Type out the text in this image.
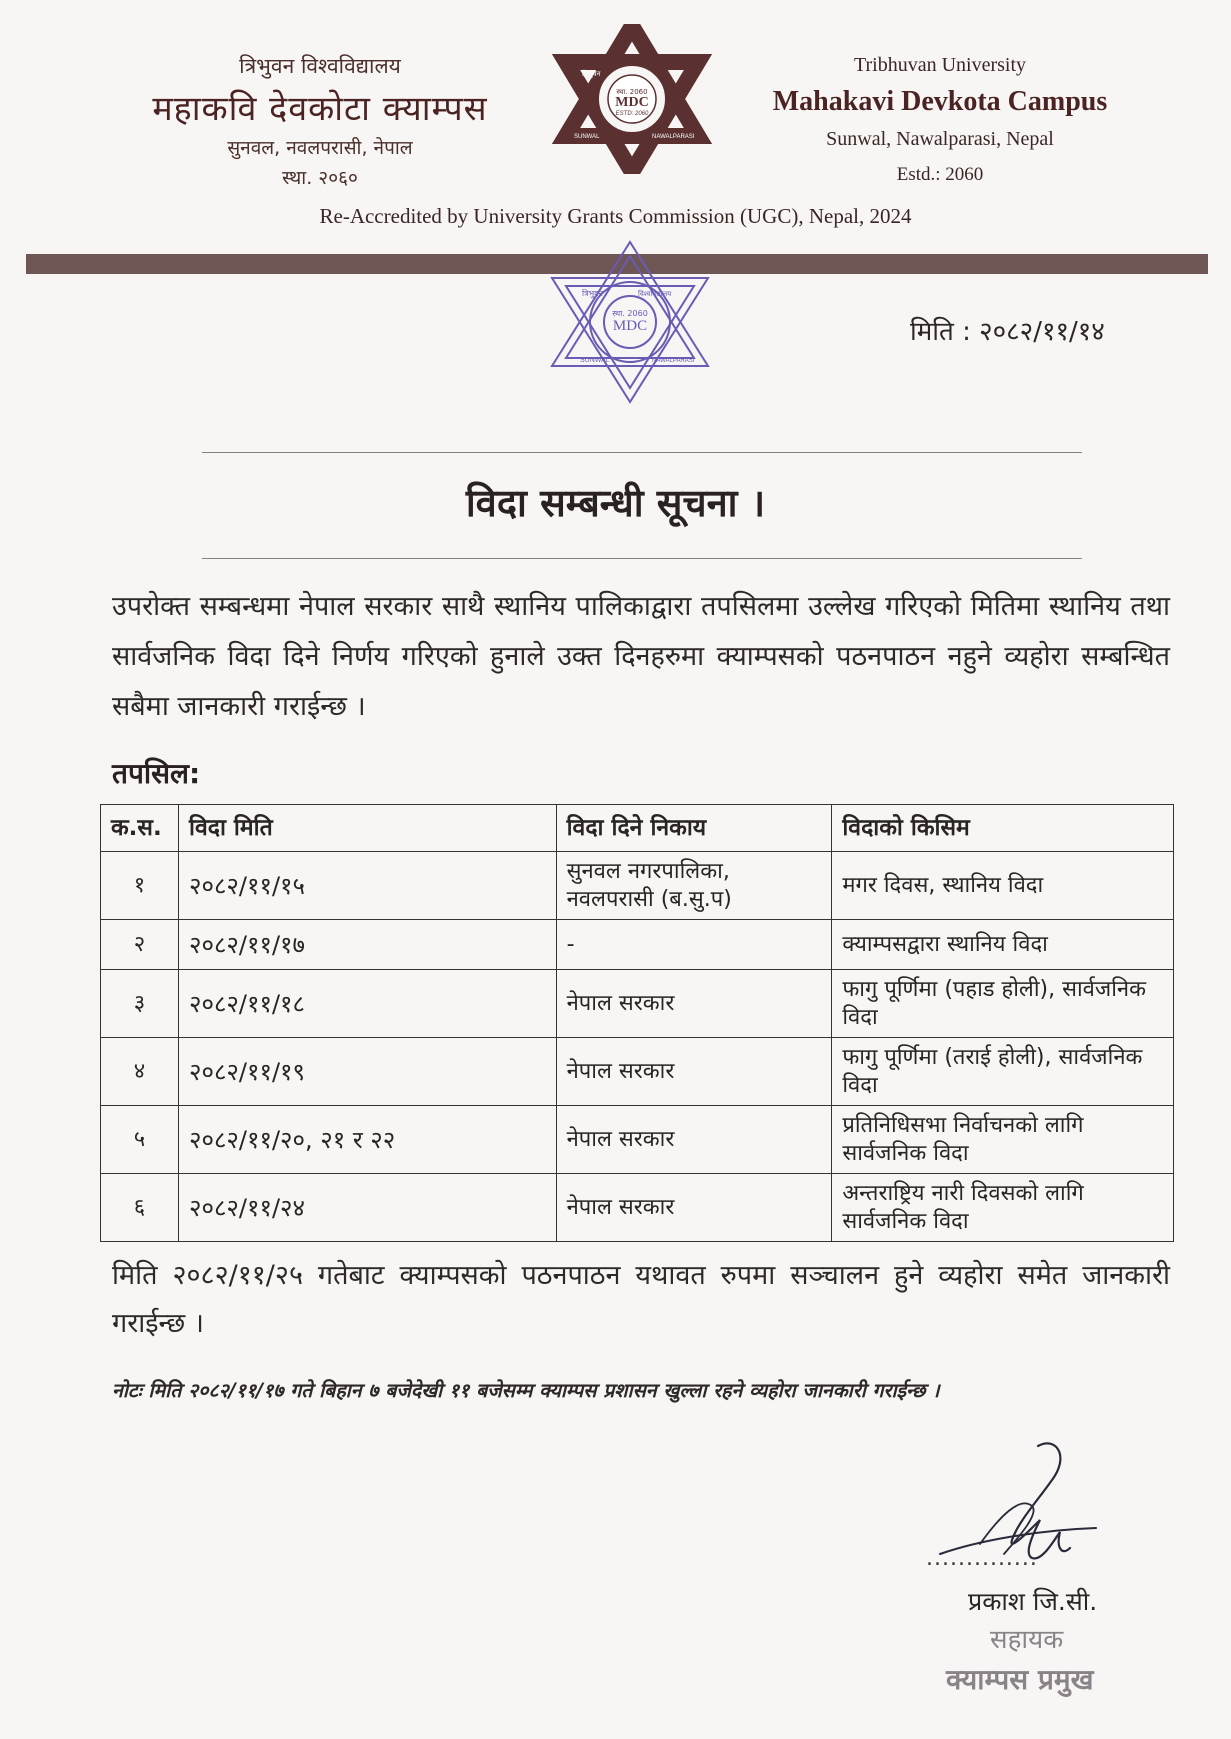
त्रिभुवन विश्वविद्यालय
महाकवि देवकोटा क्याम्पस
सुनवल, नवलपरासी, नेपाल
स्था. २०६०
स्था. 2060
MDC
ESTD: 2060
त्रिभुवन
SUNWAL	NAWALPARASI
Tribhuvan University
Mahakavi Devkota Campus
Sunwal, Nawalparasi, Nepal
Estd.: 2060
Re-Accredited by University Grants Commission (UGC), Nepal, 2024
स्था. 2060
MDC
त्रिभुवन	विश्वविद्यालय
SUNWAL	NAWALPARASI
मिति : २०८२/११/१४
विदा सम्बन्धी सूचना ।
उपरोक्त सम्बन्धमा नेपाल सरकार साथै स्थानिय पालिकाद्वारा तपसिलमा उल्लेख गरिएको मितिमा स्थानिय तथा सार्वजनिक विदा दिने निर्णय गरिएको हुनाले उक्त दिनहरुमा क्याम्पसको पठनपाठन नहुने व्यहोरा सम्बन्धित सबैमा जानकारी गराईन्छ ।
तपसिल:
क.स.	विदा मिति	विदा दिने निकाय	विदाको किसिम
१	२०८२/११/१५	सुनवल नगरपालिका, नवलपरासी (ब.सु.प)	मगर दिवस, स्थानिय विदा
२	२०८२/११/१७	-	क्याम्पसद्वारा स्थानिय विदा
३	२०८२/११/१८	नेपाल सरकार	फागु पूर्णिमा (पहाड होली), सार्वजनिक विदा
४	२०८२/११/१९	नेपाल सरकार	फागु पूर्णिमा (तराई होली), सार्वजनिक विदा
५	२०८२/११/२०, २१ र २२	नेपाल सरकार	प्रतिनिधिसभा निर्वाचनको लागि सार्वजनिक विदा
६	२०८२/११/२४	नेपाल सरकार	अन्तराष्ट्रिय नारी दिवसको लागि सार्वजनिक विदा
मिति २०८२/११/२५ गतेबाट क्याम्पसको पठनपाठन यथावत रुपमा सञ्चालन हुने व्यहोरा समेत जानकारी गराईन्छ ।
नोटः मिति २०८२/११/१७ गते बिहान ७ बजेदेखी ११ बजेसम्म क्याम्पस प्रशासन खुल्ला रहने व्यहोरा जानकारी गराईन्छ ।
..............
प्रकाश जि.सी.
सहायक
क्याम्पस प्रमुख
